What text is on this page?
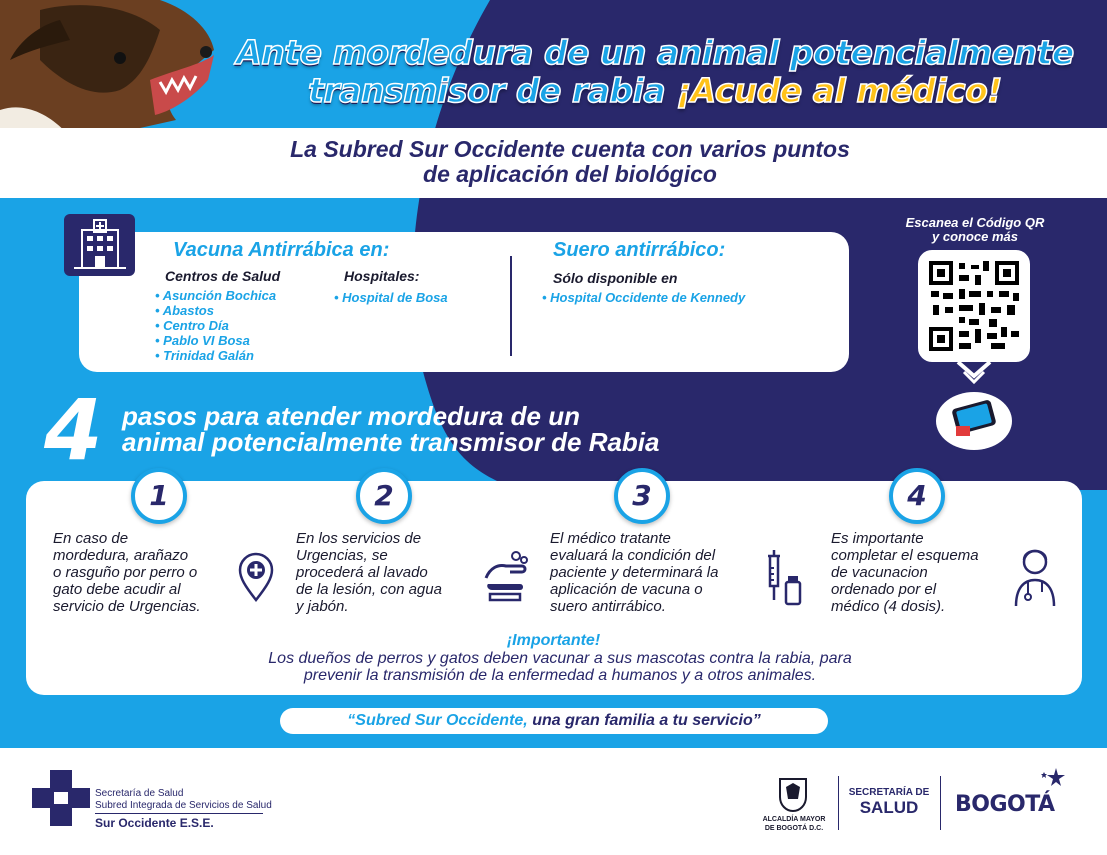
Ante mordedura de un animal potencialmente
transmisor de rabia ¡Acude al médico!
La Subred Sur Occidente cuenta con varios puntos
de aplicación del biológico
Vacuna Antirrábica en:
Centros de Salud
• Asunción Bochica
• Abastos
• Centro Día
• Pablo VI Bosa
• Trinidad Galán
Hospitales:
• Hospital de Bosa
Suero antirrábico:
Sólo disponible en
• Hospital Occidente de Kennedy
Escanea el Código QR
y conoce más
4 pasos para atender mordedura de un
animal potencialmente transmisor de Rabia
1	2	3	4
En caso de
mordedura, arañazo
o rasguño por perro o
gato debe acudir al
servicio de Urgencias.
En los servicios de
Urgencias, se
procederá al lavado
de la lesión, con agua
y jabón.
El médico tratante
evaluará la condición del
paciente y determinará la
aplicación de vacuna o
suero antirrábico.
Es importante
completar el esquema
de vacunacion
ordenado por el
médico (4 dosis).
¡Importante!
Los dueños de perros y gatos deben vacunar a sus mascotas contra la rabia, para
prevenir la transmisión de la enfermedad a humanos y a otros animales.
“Subred Sur Occidente, una gran familia a tu servicio”
Secretaría de Salud
Subred Integrada de Servicios de Salud
Sur Occidente E.S.E.	ALCALDÍA MAYOR
DE BOGOTÁ D.C.
SECRETARÍA DE
SALUD	BOGOTÁ
